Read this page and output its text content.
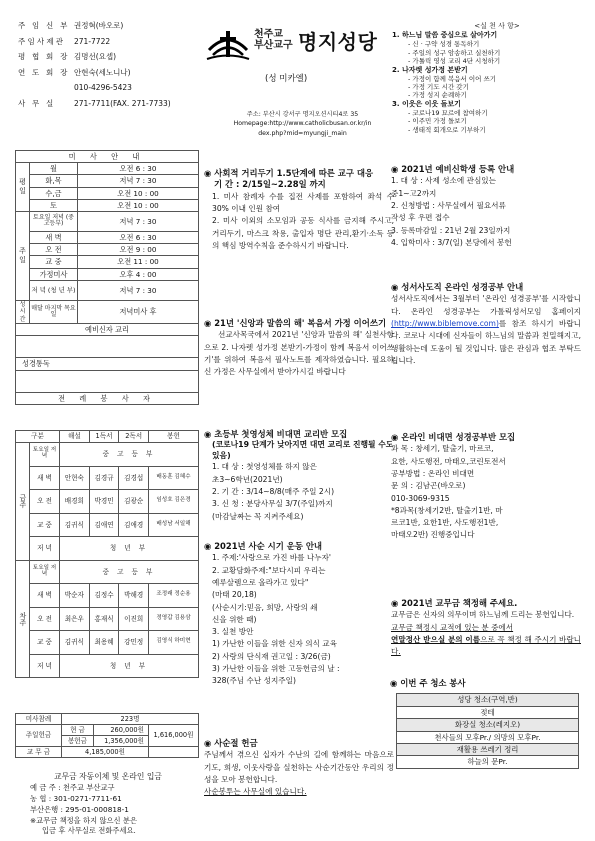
주 임 신 부 권정혁(바오로)
주임사제관	271-7722
평 협 회 장 김명선(요셉)
연 도 회 장 안현숙(세노니나)
010-4296-5423
사 무 실	271-7711(FAX. 271-7733)
천주교
부산교구 명지성당
(성 미카엘)
주소: 부산시 강서구 명지오션시티4로 35
Homepage:http://www.catholicbusan.or.kr/in
dex.php?mid=myungji_main
<실 천 사 항>
1. 하느님 말씀 중심으로 살아가기
- 신 · 구약 성경 통독하기
- 주일의 성구 암송하고 실천하기
- 가톨릭 영성 교리 4단 시청하기
2. 나자렛 성가정 본받기
- 가정이 함께 복음서 이어 쓰기
- 가정 기도 시간 갖기
- 가정 성지 순례하기
3. 이웃은 이웃 돌보기
- 코로나19 묘르에 참여하기
- 이주민 가정 돌보기
- 생태적 회개으로 기부하기
미 사 안 내		
평일	월	오전 6 : 30
	화,목	저녁 7 : 30
	수,금	오전 10 : 00
	토	오전 10 : 00
주일	토요일 저녁 (중고등부)	저녁 7 : 30
	새 벽	오전 6 : 30
	오 전	오전 9 : 00
	교 중	오전 11 : 00
	가정미사	오후 4 : 00
	저 녁 (청 년 부)	저녁 7 : 30
성시간	매달 마지막 목요일	저녁미사 후
예비신자 교리		

성경통독		

전 례 봉 사 자		
구분		해설	1독서	2독서	봉헌
금주	토요일 저 녁	중 고 등 부			
	새 벽	안현숙	김경규	김경섭	배동훈 김혜수
	오 전	배경희	박경민	김광순	임성호 김은경
	교 중	김귀식	김애연	김애경	배성남 서일해
	저 녁	청 년 부			
차주	토요일 저 녁	중 고 등 부			
	새 벽	박순자	김정수	박해경	조정래 정순용
	오 전	최은우	홍재식	이진희	정영갑 김용삼
	교 중	김귀식	최용혜	강민정	김영식 하미현
	저 녁	청 년 부			
미사참례	223명		
주일헌금	현 금	260,000원	1,616,000원
	봉헌금	1,356,000원	
교 무 금	4,185,000원		
교무금 자동이체 및 온라인 입금
예 금 주 : 천주교 부산교구
농 협 : 301-0271-7711-61
부산은행 : 295-01-000818-1
※교무금 책정을 하지 않으신 분은
입금 후 사무실로 전화주세요.
◉ 사회적 거리두기 1.5단계에 따른 교구 대응
기 간 : 2/15일~2.28일 까지
1. 미사 참례자 수를 집전 사제를 포함하여 좌석 수 30% 이내 인원 참여
2. 미사 이외의 소모임과 공동 식사를 금지해 주시고, 거리두기, 마스크 착용, 출입자 명단 관리,환기·소독 등의 핵심 방역수칙을 준수하시기 바랍니다.
◉ 21년 '신앙과 말씀의 해' 복음서 가정 이어쓰기
선교사목국에서 2021년 '신앙과 말씀의 해' 실천사항으로 2. 나자렛 성가정 본받기-가정이 함께 복음서 이어쓰기'를 위하여 복음서 필사노트를 제작하였습니다. 필요하신 가정은 사무실에서 받아가시길 바랍니다
◉ 초등부 첫영성체 비대면 교리반 모집
(코로나19 단계가 낮아지면 대면 교리로 진행될 수도 있음)
1. 대 상 : 첫영성체를 하지 않은
초3~6학년(2021년)
2. 기 간 : 3/14~8/8(매주 주일 2시)
3. 신 청 : 분당사무실 3/7(주일)까지
(마감날짜는 꼭 지켜주세요)
◉ 2021년 사순 시기 운동 안내
1. 주제:'사랑으로 가진 바를 나누자'
2. 교황담화주제:"보다시피 우리는
예루살렘으로 올라가고 있다"
(마태 20,18)
(사순시기:믿음, 희망, 사랑의 쇄
신을 위한 때)
3. 실천 방안
1) 가난한 이들을 위한 신자 의식 교육
2) 사랑의 단식재 권고일 : 3/26(금)
3) 가난한 이들을 위한 고등헌금의 날 :
328(주님 수난 성지주일)
◉ 사순절 헌금
주님께서 겪으신 십자가 수난의 길에 함께하는 마음으로 기도, 희생, 이웃사랑을 실천하는 사순기간동안 우리의 정성을 모아 봉헌합니다.
사순봉투는 사무실에 있습니다.
◉ 2021년 예비신학생 등록 안내
1. 대 상 : 사제 성소에 관심있는
중1~고2까지
2. 신청방법 : 사무실에서 필요서류
작성 후 우편 접수
3. 등록마감일 : 21년 2월 23일까지
4. 입학미사 : 3/7(일) 본당에서 봉헌
◉ 성서사도직 온라인 성경공부 안내
성서사도직에서는 3월부터 '온라인 성경공부'를 시작합니다. 온라인 성경공부는 가톨릭성서모임 홈페이지(http://www.biblemove.com)를 참조 하시기 바랍니다. 코로나 시대에 신자들이 하느님의 말씀과 친밀해지고, 생활하는데 도움이 될 것입니다. 많은 관심과 협조 부탁드립니다.
◉ 온라인 비대면 성경공부반 모집
과 목 : 창세기, 탈출기, 마르코,
요한, 사도행전, 마태오,코린토전서
공부방법 : 온라인 비대면
문 의 : 김남곤(바오로)
010-3069-9315
*8과목(창세기2반, 탈출기1반, 마
르코1반, 요한1반, 사도행전1반,
마태오2반) 진행중입니다
◉ 2021년 교무금 책정해 주세요.
교무금은 신자의 의무이며 하느님께 드리는 봉헌입니다.
교무금 책정시 교적에 있는 분 중에서
연말정산 받으실 분의 이름으로 꼭 책정 해 주시기 바랍니다.
◉ 이번 주 청소 봉사
성당 청소(구역,반)
젖테
화장실 청소(레지오)
천사들의 모후Pr./ 의망의 모후Pr.
재활용 쓰레기 정리
하늘의 문Pr.
